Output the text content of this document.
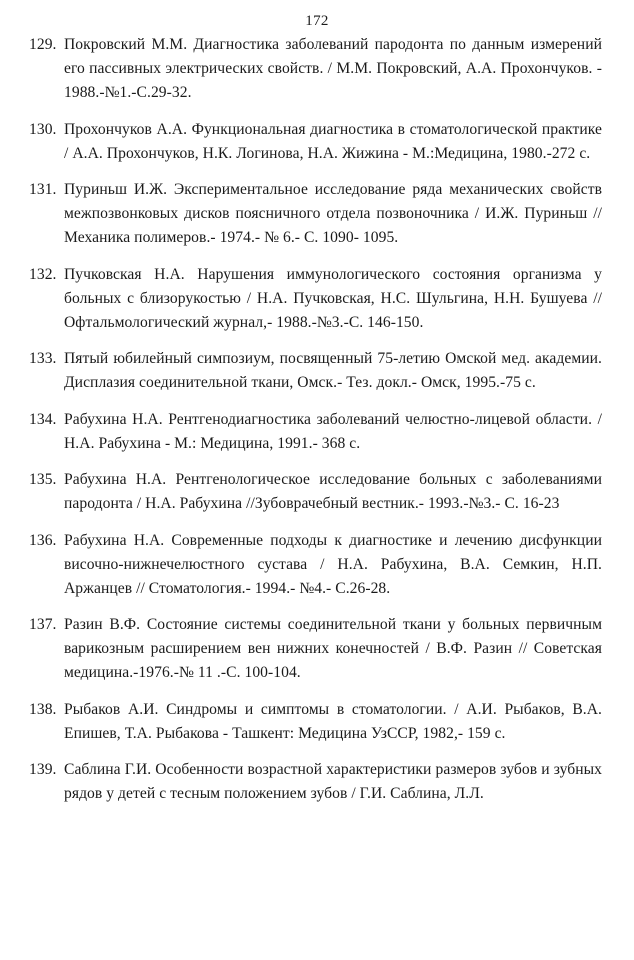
172
129. Покровский М.М. Диагностика заболеваний пародонта по данным измерений его пассивных электрических свойств. / М.М. Покровский, А.А. Прохончуков. - 1988.-№1.-С.29-32.
130. Прохончуков А.А. Функциональная диагностика в стоматологической практике / А.А. Прохончуков, Н.К. Логинова, Н.А. Жижина - М.:Медицина, 1980.-272 с.
131. Пуриньш И.Ж. Экспериментальное исследование ряда механических свойств межпозвонковых дисков поясничного отдела позвоночника / И.Ж. Пуриньш // Механика полимеров.- 1974.- № 6.- С. 1090- 1095.
132. Пучковская Н.А. Нарушения иммунологического состояния организма у больных с близорукостью / Н.А. Пучковская, Н.С. Шульгина, Н.Н. Бушуева //Офтальмологический журнал,- 1988.-№3.-С. 146-150.
133. Пятый юбилейный симпозиум, посвященный 75-летию Омской мед. академии. Дисплазия соединительной ткани, Омск.- Тез. докл.- Омск, 1995.-75 с.
134. Рабухина Н.А. Рентгенодиагностика заболеваний челюстно-лицевой области. / Н.А. Рабухина - М.: Медицина, 1991.- 368 с.
135. Рабухина Н.А. Рентгенологическое исследование больных с заболеваниями пародонта / Н.А. Рабухина //Зубоврачебный вестник.- 1993.-№3.- С. 16-23
136. Рабухина Н.А. Современные подходы к диагностике и лечению дисфункции височно-нижнечелюстного сустава / Н.А. Рабухина, В.А. Семкин, Н.П. Аржанцев // Стоматология.- 1994.- №4.- С.26-28.
137. Разин В.Ф. Состояние системы соединительной ткани у больных первичным варикозным расширением вен нижних конечностей / В.Ф. Разин // Советская медицина.-1976.-№ 11 .-С. 100-104.
138. Рыбаков А.И. Синдромы и симптомы в стоматологии. / А.И. Рыбаков, В.А. Епишев, Т.А. Рыбакова - Ташкент: Медицина УзССР, 1982,- 159 с.
139. Саблина Г.И. Особенности возрастной характеристики размеров зубов и зубных рядов у детей с тесным положением зубов / Г.И. Саблина, Л.Л.
